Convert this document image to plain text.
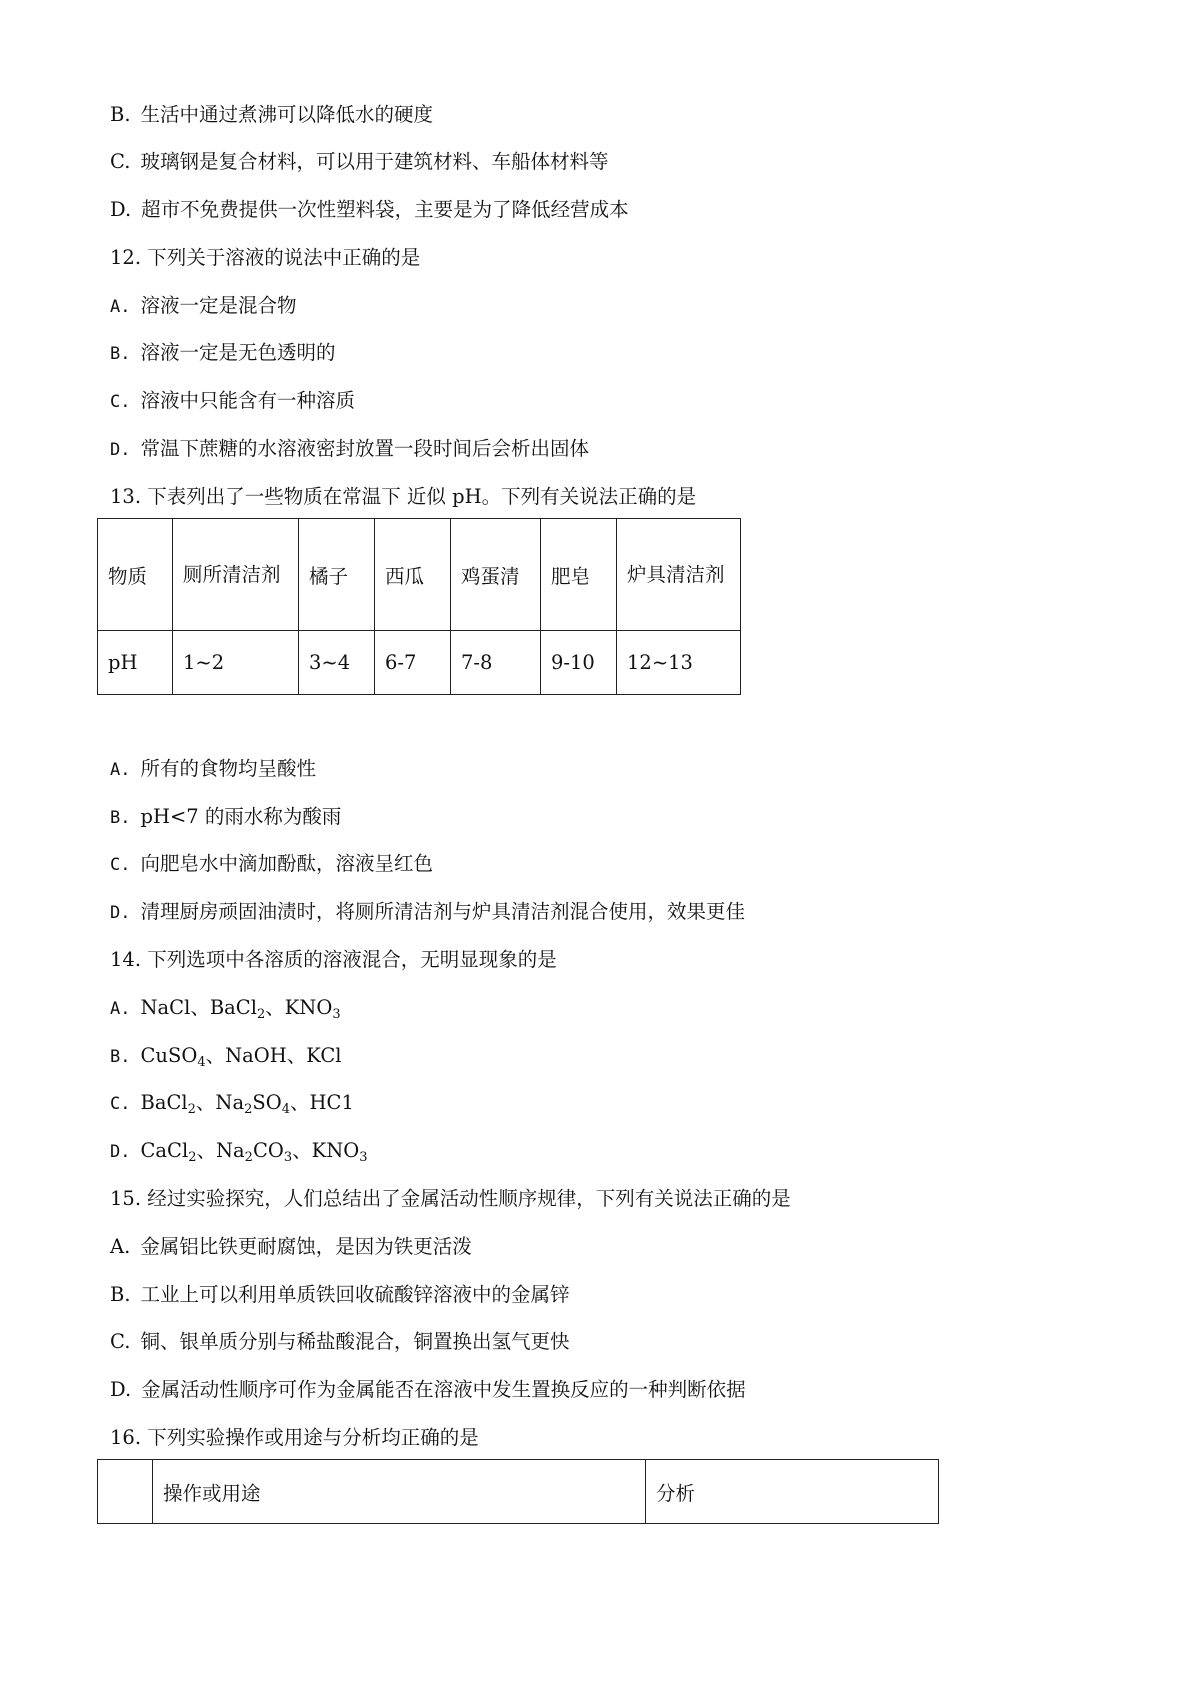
B. 生活中通过煮沸可以降低水的硬度
C. 玻璃钢是复合材料，可以用于建筑材料、车船体材料等
D. 超市不免费提供一次性塑料袋，主要是为了降低经营成本
12. 下列关于溶液的说法中正确的是
A. 溶液一定是混合物
B. 溶液一定是无色透明的
C. 溶液中只能含有一种溶质
D. 常温下蔗糖的水溶液密封放置一段时间后会析出固体
13. 下表列出了一些物质在常温下 近似 pH。下列有关说法正确的是
物质	厕所清洁剂	橘子	西瓜	鸡蛋清	肥皂	炉具清洁剂

pH	1~2	3~4	6-7	7-8	9-10	12~13
A. 所有的食物均呈酸性
B. pH<7 的雨水称为酸雨
C. 向肥皂水中滴加酚酞，溶液呈红色
D. 清理厨房顽固油渍时，将厕所清洁剂与炉具清洁剂混合使用，效果更佳
14. 下列选项中各溶质的溶液混合，无明显现象的是
A. NaCl、BaCl$_2$、$KNO_3$
B. CuSO$_4$、NaOH、KCl
C. BaCl$_2$、$Na_2SO_4$、HC1
D. CaCl$_2$、$Na_2CO_3$、$KNO_3$
15. 经过实验探究，人们总结出了金属活动性顺序规律，下列有关说法正确的是
A. 金属铝比铁更耐腐蚀，是因为铁更活泼
B. 工业上可以利用单质铁回收硫酸锌溶液中的金属锌
C. 铜、银单质分别与稀盐酸混合，铜置换出氢气更快
D. 金属活动性顺序可作为金属能否在溶液中发生置换反应的一种判断依据
16. 下列实验操作或用途与分析均正确的是
	操作或用途	分析
